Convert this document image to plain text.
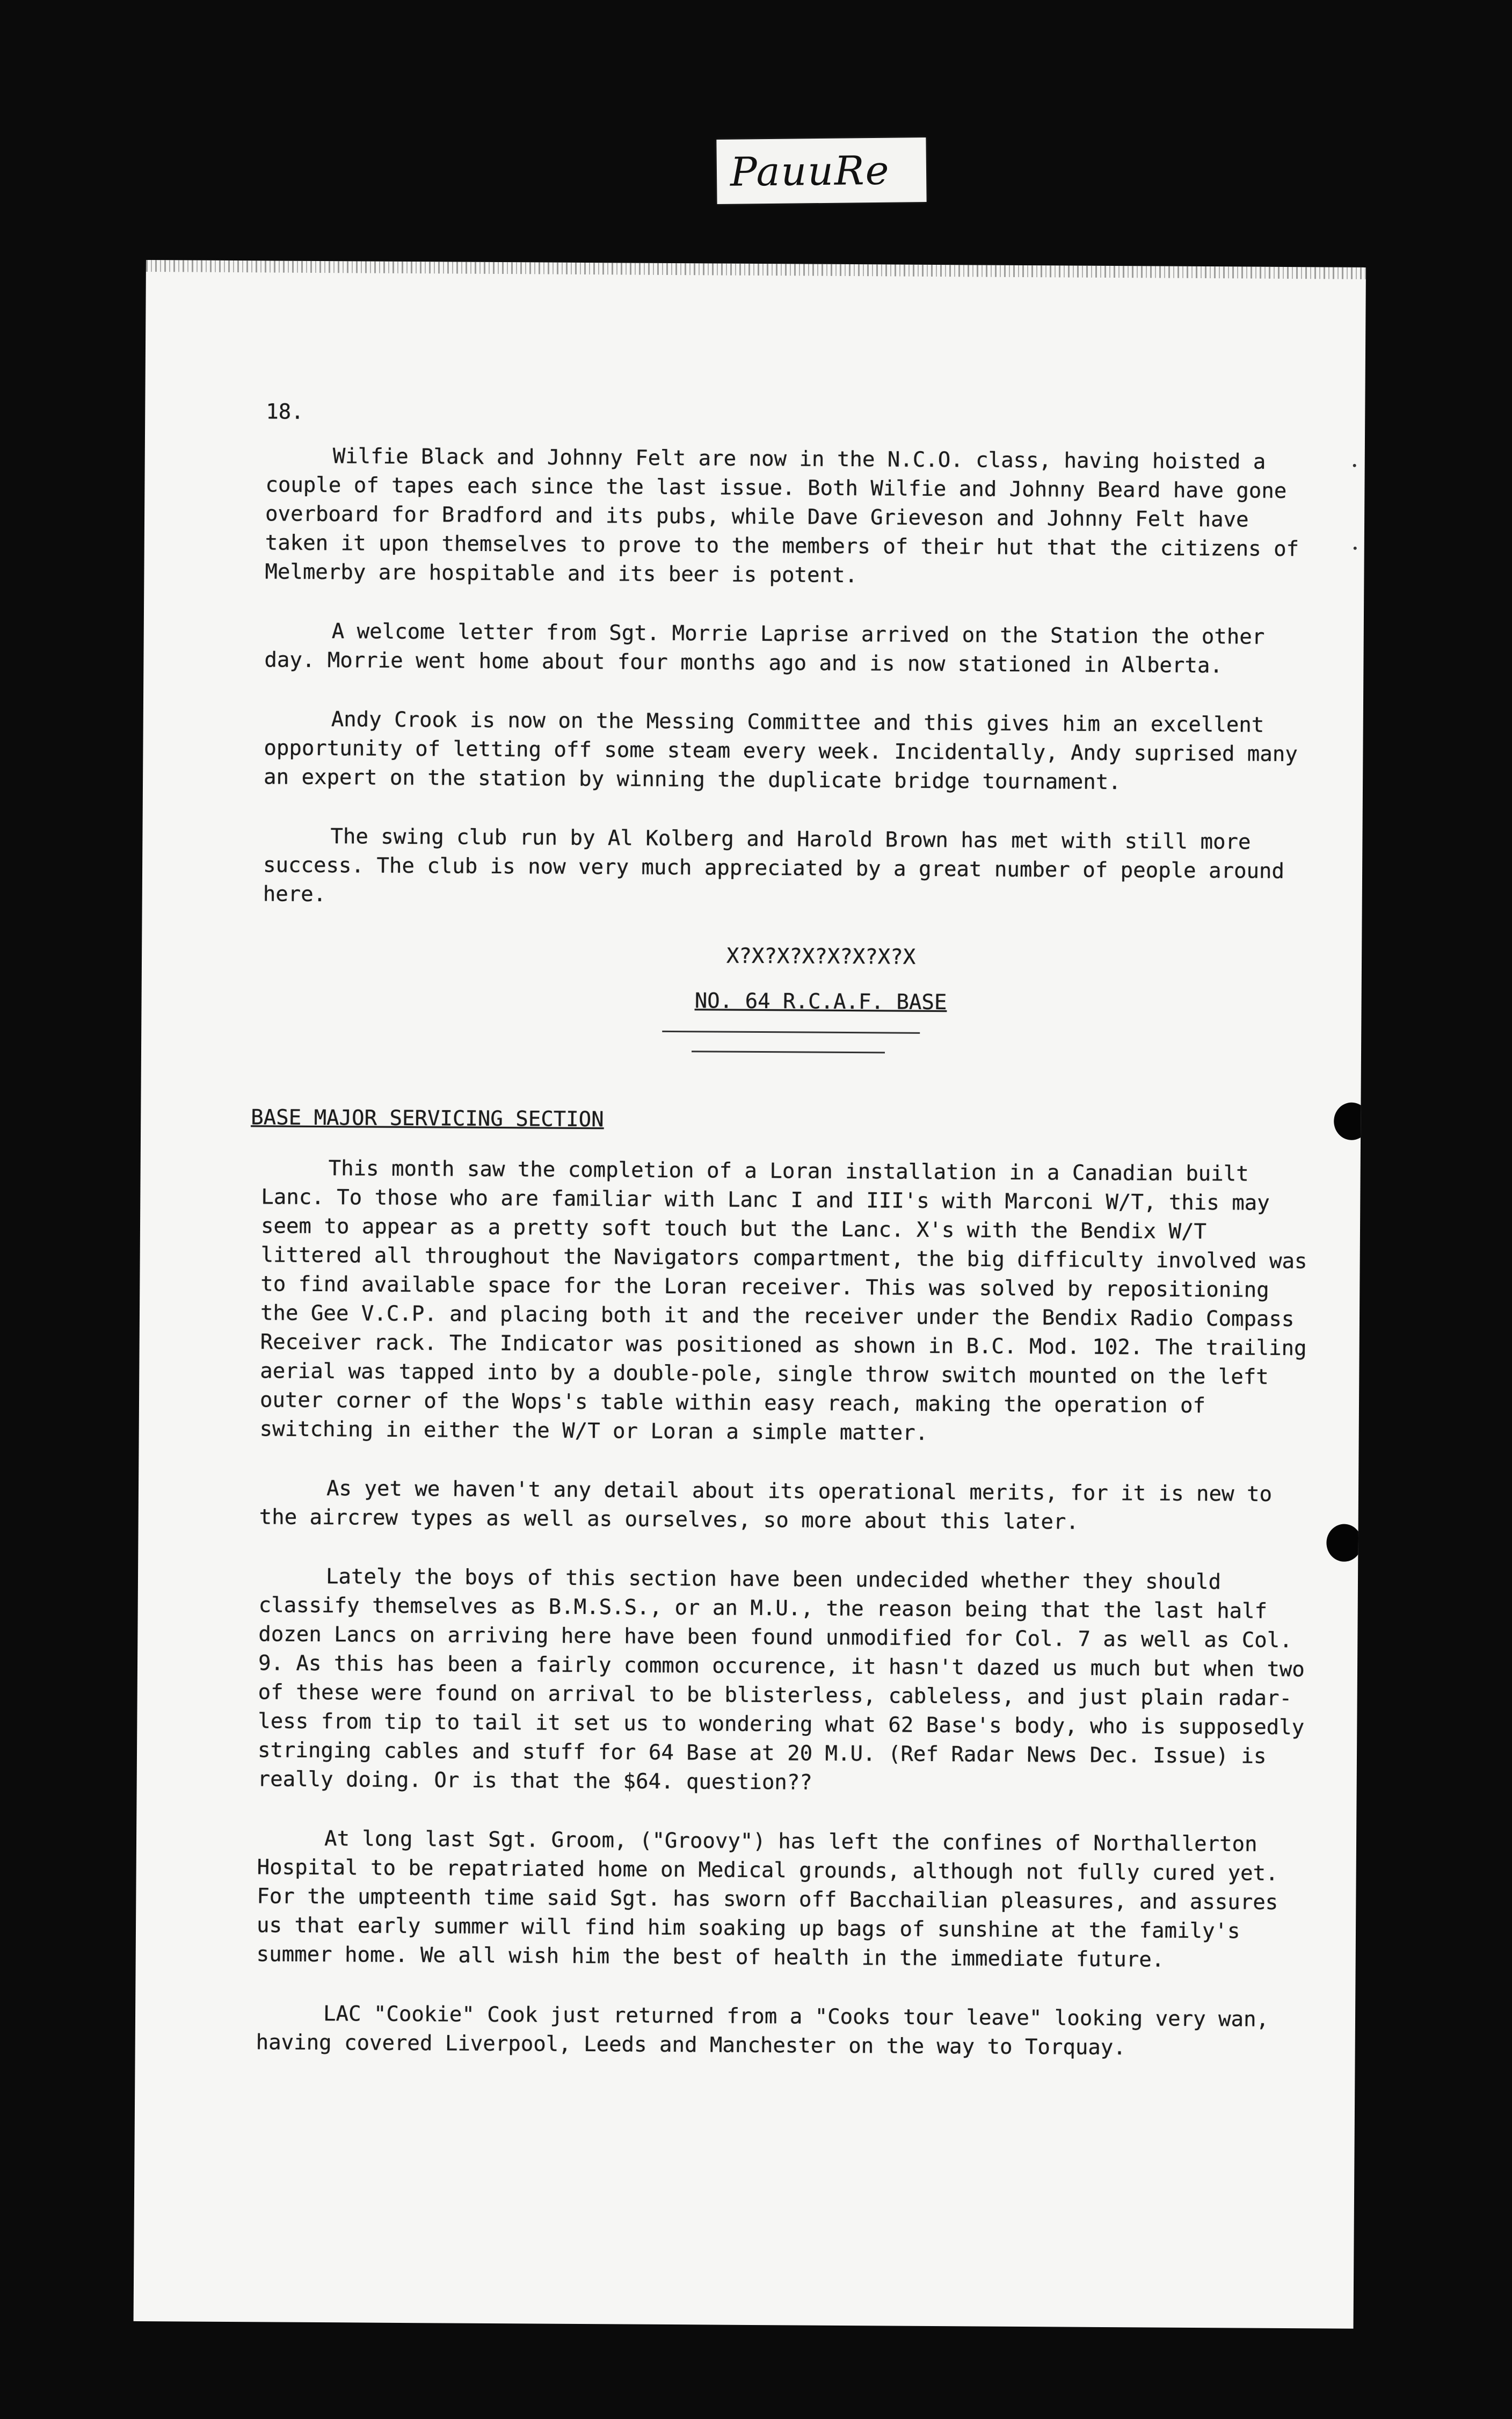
PauuRe
18.

Wilfie Black and Johnny Felt are now in the N.C.O. class, having hoisted a couple of tapes each since the last issue. Both Wilfie and Johnny Beard have gone overboard for Bradford and its pubs, while Dave Grieveson and Johnny Felt have taken it upon themselves to prove to the members of their hut that the citizens of Melmerby are hospitable and its beer is potent.

A welcome letter from Sgt. Morrie Laprise arrived on the Station the other day. Morrie went home about four months ago and is now stationed in Alberta.

Andy Crook is now on the Messing Committee and this gives him an excellent opportunity of letting off some steam every week. Incidentally, Andy suprised many an expert on the station by winning the duplicate bridge tournament.

The swing club run by Al Kolberg and Harold Brown has met with still more success. The club is now very much appreciated by a great number of people around here.

X?X?X?X?X?X?X?X
NO. 64 R.C.A.F. BASE
BASE MAJOR SERVICING SECTION

This month saw the completion of a Loran installation in a Canadian built Lanc. To those who are familiar with Lanc I and III's with Marconi W/T, this may seem to appear as a pretty soft touch but the Lanc. X's with the Bendix W/T littered all throughout the Navigators compartment, the big difficulty involved was to find available space for the Loran receiver. This was solved by repositioning the Gee V.C.P. and placing both it and the receiver under the Bendix Radio Compass Receiver rack. The Indicator was positioned as shown in B.C. Mod. 102. The trailing aerial was tapped into by a double-pole, single throw switch mounted on the left outer corner of the Wops's table within easy reach, making the operation of switching in either the W/T or Loran a simple matter.

As yet we haven't any detail about its operational merits, for it is new to the aircrew types as well as ourselves, so more about this later.

Lately the boys of this section have been undecided whether they should classify themselves as B.M.S.S., or an M.U., the reason being that the last half dozen Lancs on arriving here have been found unmodified for Col. 7 as well as Col. 9. As this has been a fairly common occurence, it hasn't dazed us much but when two of these were found on arrival to be blisterless, cableless, and just plain radar-less from tip to tail it set us to wondering what 62 Base's body, who is supposedly stringing cables and stuff for 64 Base at 20 M.U. (Ref Radar News Dec. Issue) is really doing. Or is that the $64. question??

At long last Sgt. Groom, ("Groovy") has left the confines of Northallerton Hospital to be repatriated home on Medical grounds, although not fully cured yet. For the umpteenth time said Sgt. has sworn off Bacchailian pleasures, and assures us that early summer will find him soaking up bags of sunshine at the family's summer home. We all wish him the best of health in the immediate future.

LAC "Cookie" Cook just returned from a "Cooks tour leave" looking very wan, having covered Liverpool, Leeds and Manchester on the way to Torquay.
